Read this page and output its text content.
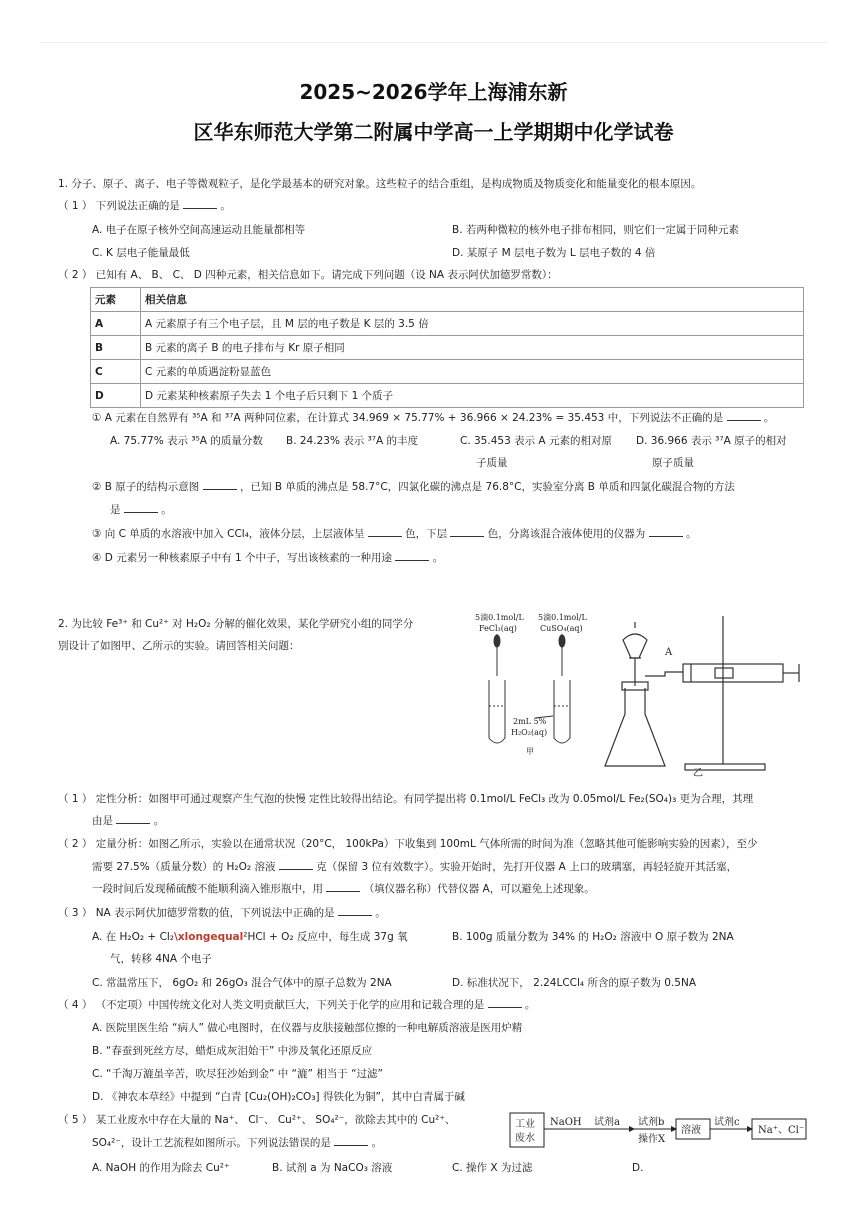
2025~2026学年上海浦东新
区华东师范大学第二附属中学高一上学期期中化学试卷
1. 分子、原子、离子、电子等微观粒子，是化学最基本的研究对象。这些粒子的结合重组，是构成物质及物质变化和能量变化的根本原因。
（ 1 ） 下列说法正确的是	。
A. 电子在原子核外空间高速运动且能量都相等	B. 若两种微粒的核外电子排布相同，则它们一定属于同种元素
C. K 层电子能量最低	D. 某原子 M 层电子数为 L 层电子数的 4 倍
（ 2 ） 已知有 A、 B、 C、 D 四种元素，相关信息如下。请完成下列问题（设 NA 表示阿伏加德罗常数）：
元素	相关信息
A	A 元素原子有三个电子层，且 M 层的电子数是 K 层的 3.5 倍
B	B 元素的离子 B 的电子排布与 Kr 原子相同
C	C 元素的单质遇淀粉显蓝色
D	D 元素某种核素原子失去 1 个电子后只剩下 1 个质子
① A 元素在自然界有 ³⁵A 和 ³⁷A 两种同位素，在计算式 34.969 × 75.77% + 36.966 × 24.23% = 35.453 中，下列说法不正确的是	。
A. 75.77% 表示 ³⁵A 的质量分数 B. 24.23% 表示 ³⁷A 的丰度	C. 35.453 表示 A 元素的相对原
子质量
D. 36.966 表示 ³⁷A 原子的相对
原子质量
② B 原子的结构示意图	，已知 B 单质的沸点是 58.7°C，四氯化碳的沸点是 76.8°C，实验室分离 B 单质和四氯化碳混合物的方法
是	。
③ 向 C 单质的水溶液中加入 CCl₄，液体分层，上层液体呈	色，下层	色，分离该混合液体使用的仪器为	。
④ D 元素另一种核素原子中有 1 个中子，写出该核素的一种用途	。
2. 为比较 Fe³⁺ 和 Cu²⁺ 对 H₂O₂ 分解的催化效果，某化学研究小组的同学分
别设计了如图甲、乙所示的实验。请回答相关问题：
5滴0.1mol/L
FeCl₃(aq)
5滴0.1mol/L
CuSO₄(aq)
2mL 5%
H₂O₂(aq)
甲
A
乙
（ 1 ） 定性分析：如图甲可通过观察产生气泡的快慢 定性比较得出结论。有同学提出将 0.1mol/L FeCl₃ 改为 0.05mol/L Fe₂(SO₄)₃ 更为合理，其理
由是	。
（ 2 ） 定量分析：如图乙所示，实验以在通常状况（20°C， 100kPa）下收集到 100mL 气体所需的时间为准（忽略其他可能影响实验的因素），至少
需要 27.5%（质量分数）的 H₂O₂ 溶液	克（保留 3 位有效数字）。实验开始时，先打开仪器 A 上口的玻璃塞，再轻轻旋开其活塞，
一段时间后发现稀硫酸不能顺利滴入锥形瓶中，用	（填仪器名称）代替仪器 A，可以避免上述现象。
（ 3 ） NA 表示阿伏加德罗常数的值，下列说法中正确的是	。
A. 在 H₂O₂ + Cl₂\xlongequal²HCl + O₂ 反应中，每生成 37g 氧
气，转移 4NA 个电子
B. 100g 质量分数为 34% 的 H₂O₂ 溶液中 O 原子数为 2NA
C. 常温常压下， 6gO₂ 和 26gO₃ 混合气体中的原子总数为 2NA	D. 标准状况下， 2.24LCCl₄ 所含的原子数为 0.5NA
（ 4 ） （不定项）中国传统文化对人类文明贡献巨大，下列关于化学的应用和记载合理的是	。
A. 医院里医生给 “病人” 做心电图时，在仪器与皮肤接触部位擦的一种电解质溶液是医用炉精
B. “春蚕到死丝方尽，蜡炬成灰泪始干” 中涉及氧化还原反应
C. “千淘万漉虽辛苦，吹尽狂沙始到金” 中 “漉” 相当于 “过滤”
D. 《神农本草经》中提到 “白青 [Cu₂(OH)₂CO₃] 得铁化为铜”，其中白青属于碱
（ 5 ） 某工业废水中存在大量的 Na⁺、 Cl⁻、 Cu²⁺、 SO₄²⁻，欲除去其中的 Cu²⁺、
SO₄²⁻，设计工艺流程如图所示。下列说法错误的是	。
A. NaOH 的作用为除去 Cu²⁺	B. 试剂 a 为 NaCO₃ 溶液	C. 操作 X 为过滤	D.
工业
废水
NaOH 试剂a 试剂b
操作X
溶液
试剂c
Na⁺、Cl⁻
